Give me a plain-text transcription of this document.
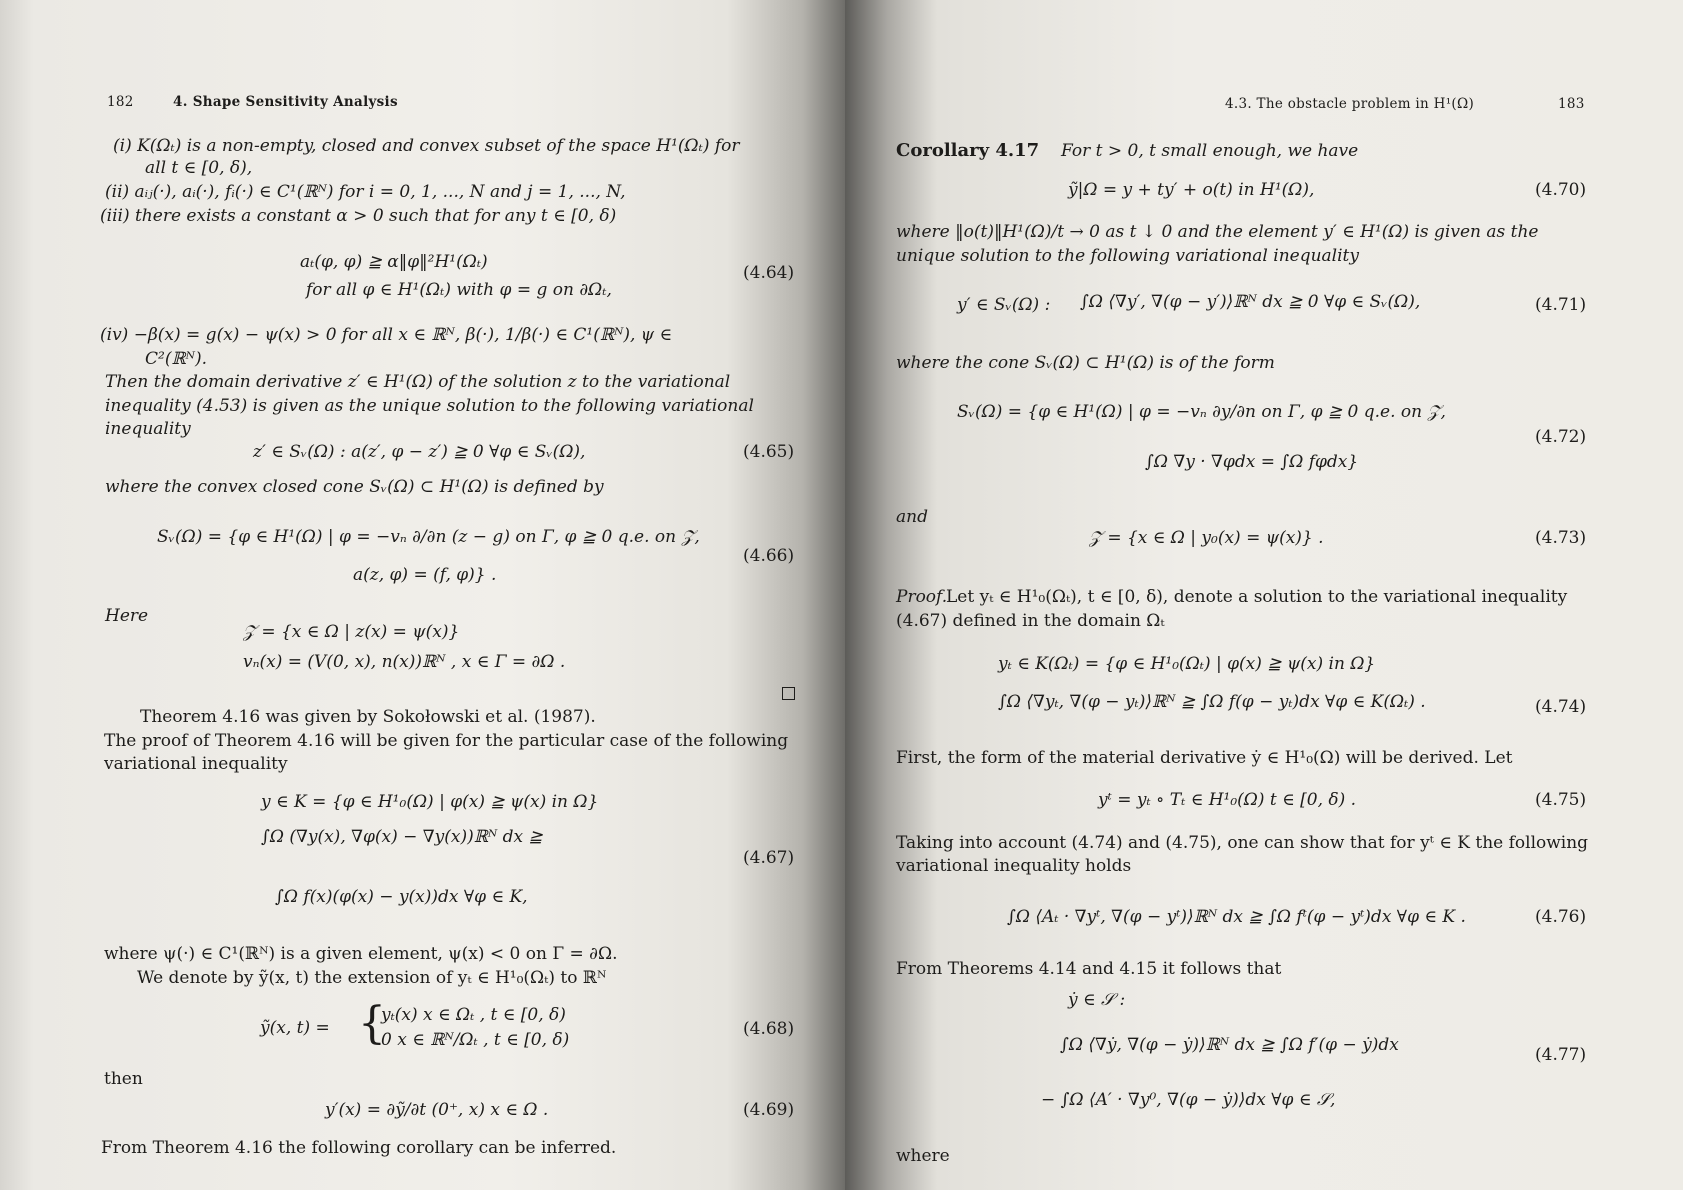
182	4. Shape Sensitivity Analysis
(i) K(Ωₜ) is a non-empty, closed and convex subset of the space H¹(Ωₜ) for
all t ∈ [0, δ),
(ii) aᵢⱼ(·), aᵢ(·), fᵢ(·) ∈ C¹(ℝᴺ) for i = 0, 1, ..., N and j = 1, ..., N,
(iii) there exists a constant α > 0 such that for any t ∈ [0, δ)
aₜ(φ, φ) ≧ α‖φ‖²H¹(Ωₜ)
(4.64)
for all φ ∈ H¹(Ωₜ) with φ = g on ∂Ωₜ,
(iv) −β(x) = g(x) − ψ(x) > 0 for all x ∈ ℝᴺ, β(·), 1/β(·) ∈ C¹(ℝᴺ), ψ ∈
C²(ℝᴺ).
Then the domain derivative z′ ∈ H¹(Ω) of the solution z to the variational
inequality (4.53) is given as the unique solution to the following variational
inequality
z′ ∈ Sᵥ(Ω) : a(z′, φ − z′) ≧ 0 ∀φ ∈ Sᵥ(Ω),	(4.65)
where the convex closed cone Sᵥ(Ω) ⊂ H¹(Ω) is defined by
Sᵥ(Ω) = {φ ∈ H¹(Ω) | φ = −vₙ ∂/∂n (z − g) on Γ, φ ≧ 0 q.e. on 𝒵,
(4.66)
a(z, φ) = (f, φ)} .
Here
𝒵 = {x ∈ Ω | z(x) = ψ(x)}
vₙ(x) = (V(0, x), n(x))ℝᴺ , x ∈ Γ = ∂Ω .
Theorem 4.16 was given by Sokołowski et al. (1987).
The proof of Theorem 4.16 will be given for the particular case of the following
variational inequality
y ∈ K = {φ ∈ H¹₀(Ω) | φ(x) ≧ ψ(x) in Ω}
∫Ω (∇y(x), ∇φ(x) − ∇y(x))ℝᴺ dx ≧
(4.67)
∫Ω f(x)(φ(x) − y(x))dx ∀φ ∈ K,
where ψ(·) ∈ C¹(ℝᴺ) is a given element, ψ(x) < 0 on Γ = ∂Ω.
We denote by ỹ(x, t) the extension of yₜ ∈ H¹₀(Ωₜ) to ℝᴺ
ỹ(x, t) = {
yₜ(x) x ∈ Ωₜ , t ∈ [0, δ)
0 x ∈ ℝᴺ/Ωₜ , t ∈ [0, δ)
(4.68)
then
y′(x) = ∂ỹ/∂t (0⁺, x) x ∈ Ω .	(4.69)
From Theorem 4.16 the following corollary can be inferred.
4.3. The obstacle problem in H¹(Ω)	183
Corollary 4.17 For t > 0, t small enough, we have
ỹ|Ω = y + ty′ + o(t) in H¹(Ω),	(4.70)
where ‖o(t)‖H¹(Ω)/t → 0 as t ↓ 0 and the element y′ ∈ H¹(Ω) is given as the
unique solution to the following variational inequality
y′ ∈ Sᵥ(Ω) : ∫Ω ⟨∇y′, ∇(φ − y′)⟩ℝᴺ dx ≧ 0 ∀φ ∈ Sᵥ(Ω),	(4.71)
where the cone Sᵥ(Ω) ⊂ H¹(Ω) is of the form
Sᵥ(Ω) = {φ ∈ H¹(Ω) | φ = −vₙ ∂y/∂n on Γ, φ ≧ 0 q.e. on 𝒵,
(4.72)
∫Ω ∇y · ∇φdx = ∫Ω fφdx}
and
𝒵 = {x ∈ Ω | y₀(x) = ψ(x)} .	(4.73)
Proof.
Let yₜ ∈ H¹₀(Ωₜ), t ∈ [0, δ), denote a solution to the variational inequality
(4.67) defined in the domain Ωₜ
yₜ ∈ K(Ωₜ) = {φ ∈ H¹₀(Ωₜ) | φ(x) ≧ ψ(x) in Ω}
∫Ω ⟨∇yₜ, ∇(φ − yₜ)⟩ℝᴺ ≧ ∫Ω f(φ − yₜ)dx ∀φ ∈ K(Ωₜ) .	(4.74)
First, the form of the material derivative ẏ ∈ H¹₀(Ω) will be derived. Let
yᵗ = yₜ ∘ Tₜ ∈ H¹₀(Ω) t ∈ [0, δ) .	(4.75)
Taking into account (4.74) and (4.75), one can show that for yᵗ ∈ K the following
variational inequality holds
∫Ω ⟨Aₜ · ∇yᵗ, ∇(φ − yᵗ)⟩ℝᴺ dx ≧ ∫Ω fᵗ(φ − yᵗ)dx ∀φ ∈ K .	(4.76)
From Theorems 4.14 and 4.15 it follows that
ẏ ∈ 𝒮 :
∫Ω ⟨∇ẏ, ∇(φ − ẏ)⟩ℝᴺ dx ≧ ∫Ω f′(φ − ẏ)dx	(4.77)
− ∫Ω ⟨A′ · ∇y⁰, ∇(φ − ẏ)⟩dx ∀φ ∈ 𝒮,
where
